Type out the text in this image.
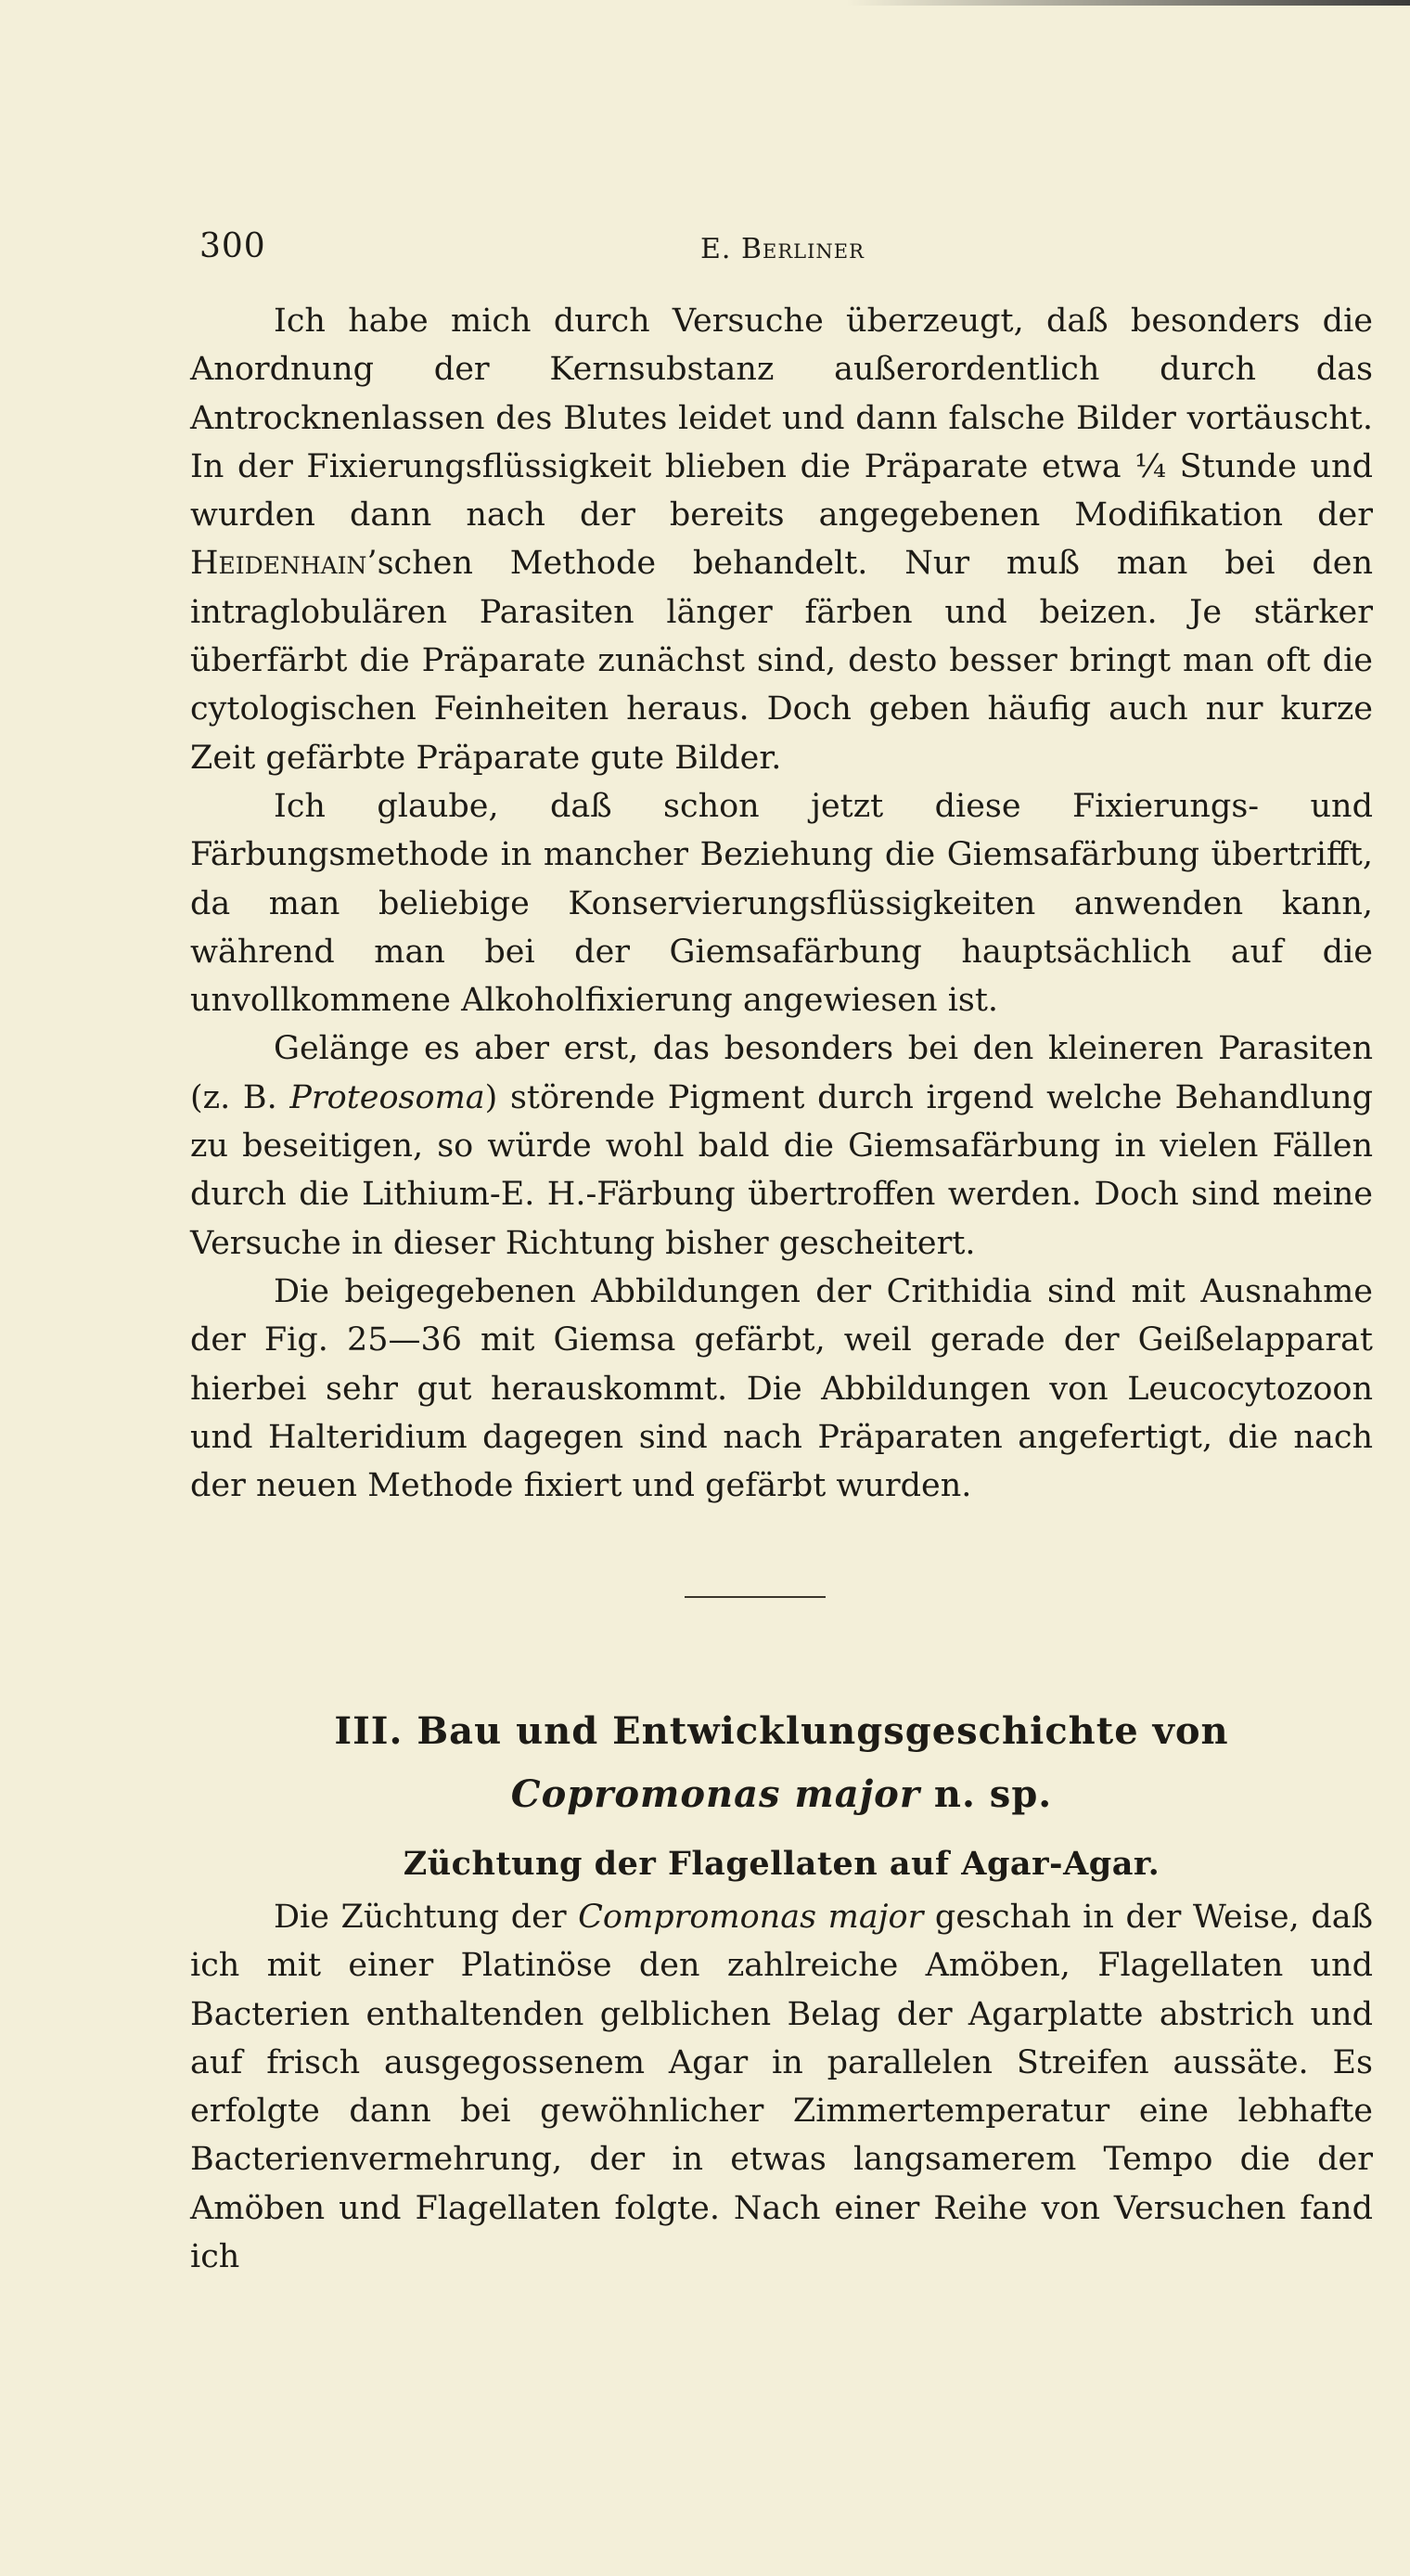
300	E. Berliner

Ich habe mich durch Versuche überzeugt, daß besonders die Anordnung der Kernsubstanz außerordentlich durch das Antrocknenlassen des Blutes leidet und dann falsche Bilder vortäuscht. In der Fixierungsflüssigkeit blieben die Präparate etwa ¼ Stunde und wurden dann nach der bereits angegebenen Modifikation der Heidenhain’schen Methode behandelt. Nur muß man bei den intraglobulären Parasiten länger färben und beizen. Je stärker überfärbt die Präparate zunächst sind, desto besser bringt man oft die cytologischen Feinheiten heraus. Doch geben häufig auch nur kurze Zeit gefärbte Präparate gute Bilder.

Ich glaube, daß schon jetzt diese Fixierungs- und Färbungsmethode in mancher Beziehung die Giemsafärbung übertrifft, da man beliebige Konservierungsflüssigkeiten anwenden kann, während man bei der Giemsafärbung hauptsächlich auf die unvollkommene Alkoholfixierung angewiesen ist.

Gelänge es aber erst, das besonders bei den kleineren Parasiten (z. B. Proteosoma) störende Pigment durch irgend welche Behandlung zu beseitigen, so würde wohl bald die Giemsafärbung in vielen Fällen durch die Lithium-E. H.-Färbung übertroffen werden. Doch sind meine Versuche in dieser Richtung bisher gescheitert.

Die beigegebenen Abbildungen der Crithidia sind mit Ausnahme der Fig. 25—36 mit Giemsa gefärbt, weil gerade der Geißelapparat hierbei sehr gut herauskommt. Die Abbildungen von Leucocytozoon und Halteridium dagegen sind nach Präparaten angefertigt, die nach der neuen Methode fixiert und gefärbt wurden.

III. Bau und Entwicklungsgeschichte von
Copromonas major n. sp.
Züchtung der Flagellaten auf Agar-Agar.

Die Züchtung der Compromonas major geschah in der Weise, daß ich mit einer Platinöse den zahlreiche Amöben, Flagellaten und Bacterien enthaltenden gelblichen Belag der Agarplatte abstrich und auf frisch ausgegossenem Agar in parallelen Streifen aussäte. Es erfolgte dann bei gewöhnlicher Zimmertemperatur eine lebhafte Bacterienvermehrung, der in etwas langsamerem Tempo die der Amöben und Flagellaten folgte. Nach einer Reihe von Versuchen fand ich
